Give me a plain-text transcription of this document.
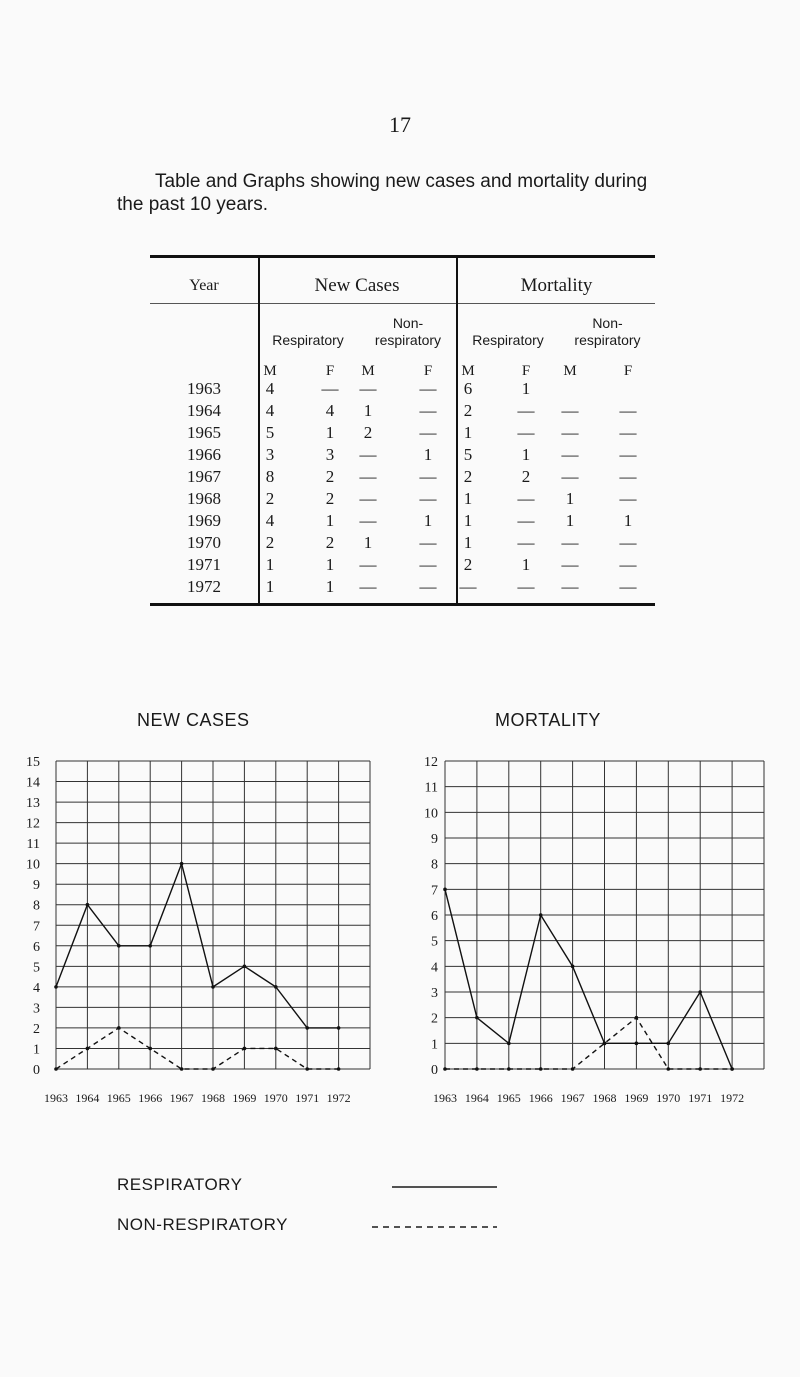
17
Table and Graphs showing new cases and mortality during
the past 10 years.
Year	New Cases	Mortality
Respiratory
Non-
respiratory	Respiratory
Non-
respiratory
M	F	M	F	M	F	M	F
1963	4	—	—	—	6	1
1964	4	4	1	—	2	—	—	—
1965	5	1	2	—	1	—	—	—
1966	3	3	—	1	5	1	—	—
1967	8	2	—	—	2	2	—	—
1968	2	2	—	—	1	—	1	—
1969	4	1	—	1	1	—	1	1
1970	2	2	1	—	1	—	—	—
1971	1	1	—	—	2	1	—	—
1972	1	1	—	—	—	—	—	—
NEW CASES	MORTALITY
0
1
2
3
4
5
6
7
8
9
10
11
12
13
14
15
1963 1964 1965 1966 1967 1968 1969 1970 1971 1972
0
1
2
3
4
5
6
7
8
9
10
11
12
1963 1964 1965 1966 1967 1968 1969 1970 1971 1972
RESPIRATORY
NON-RESPIRATORY
